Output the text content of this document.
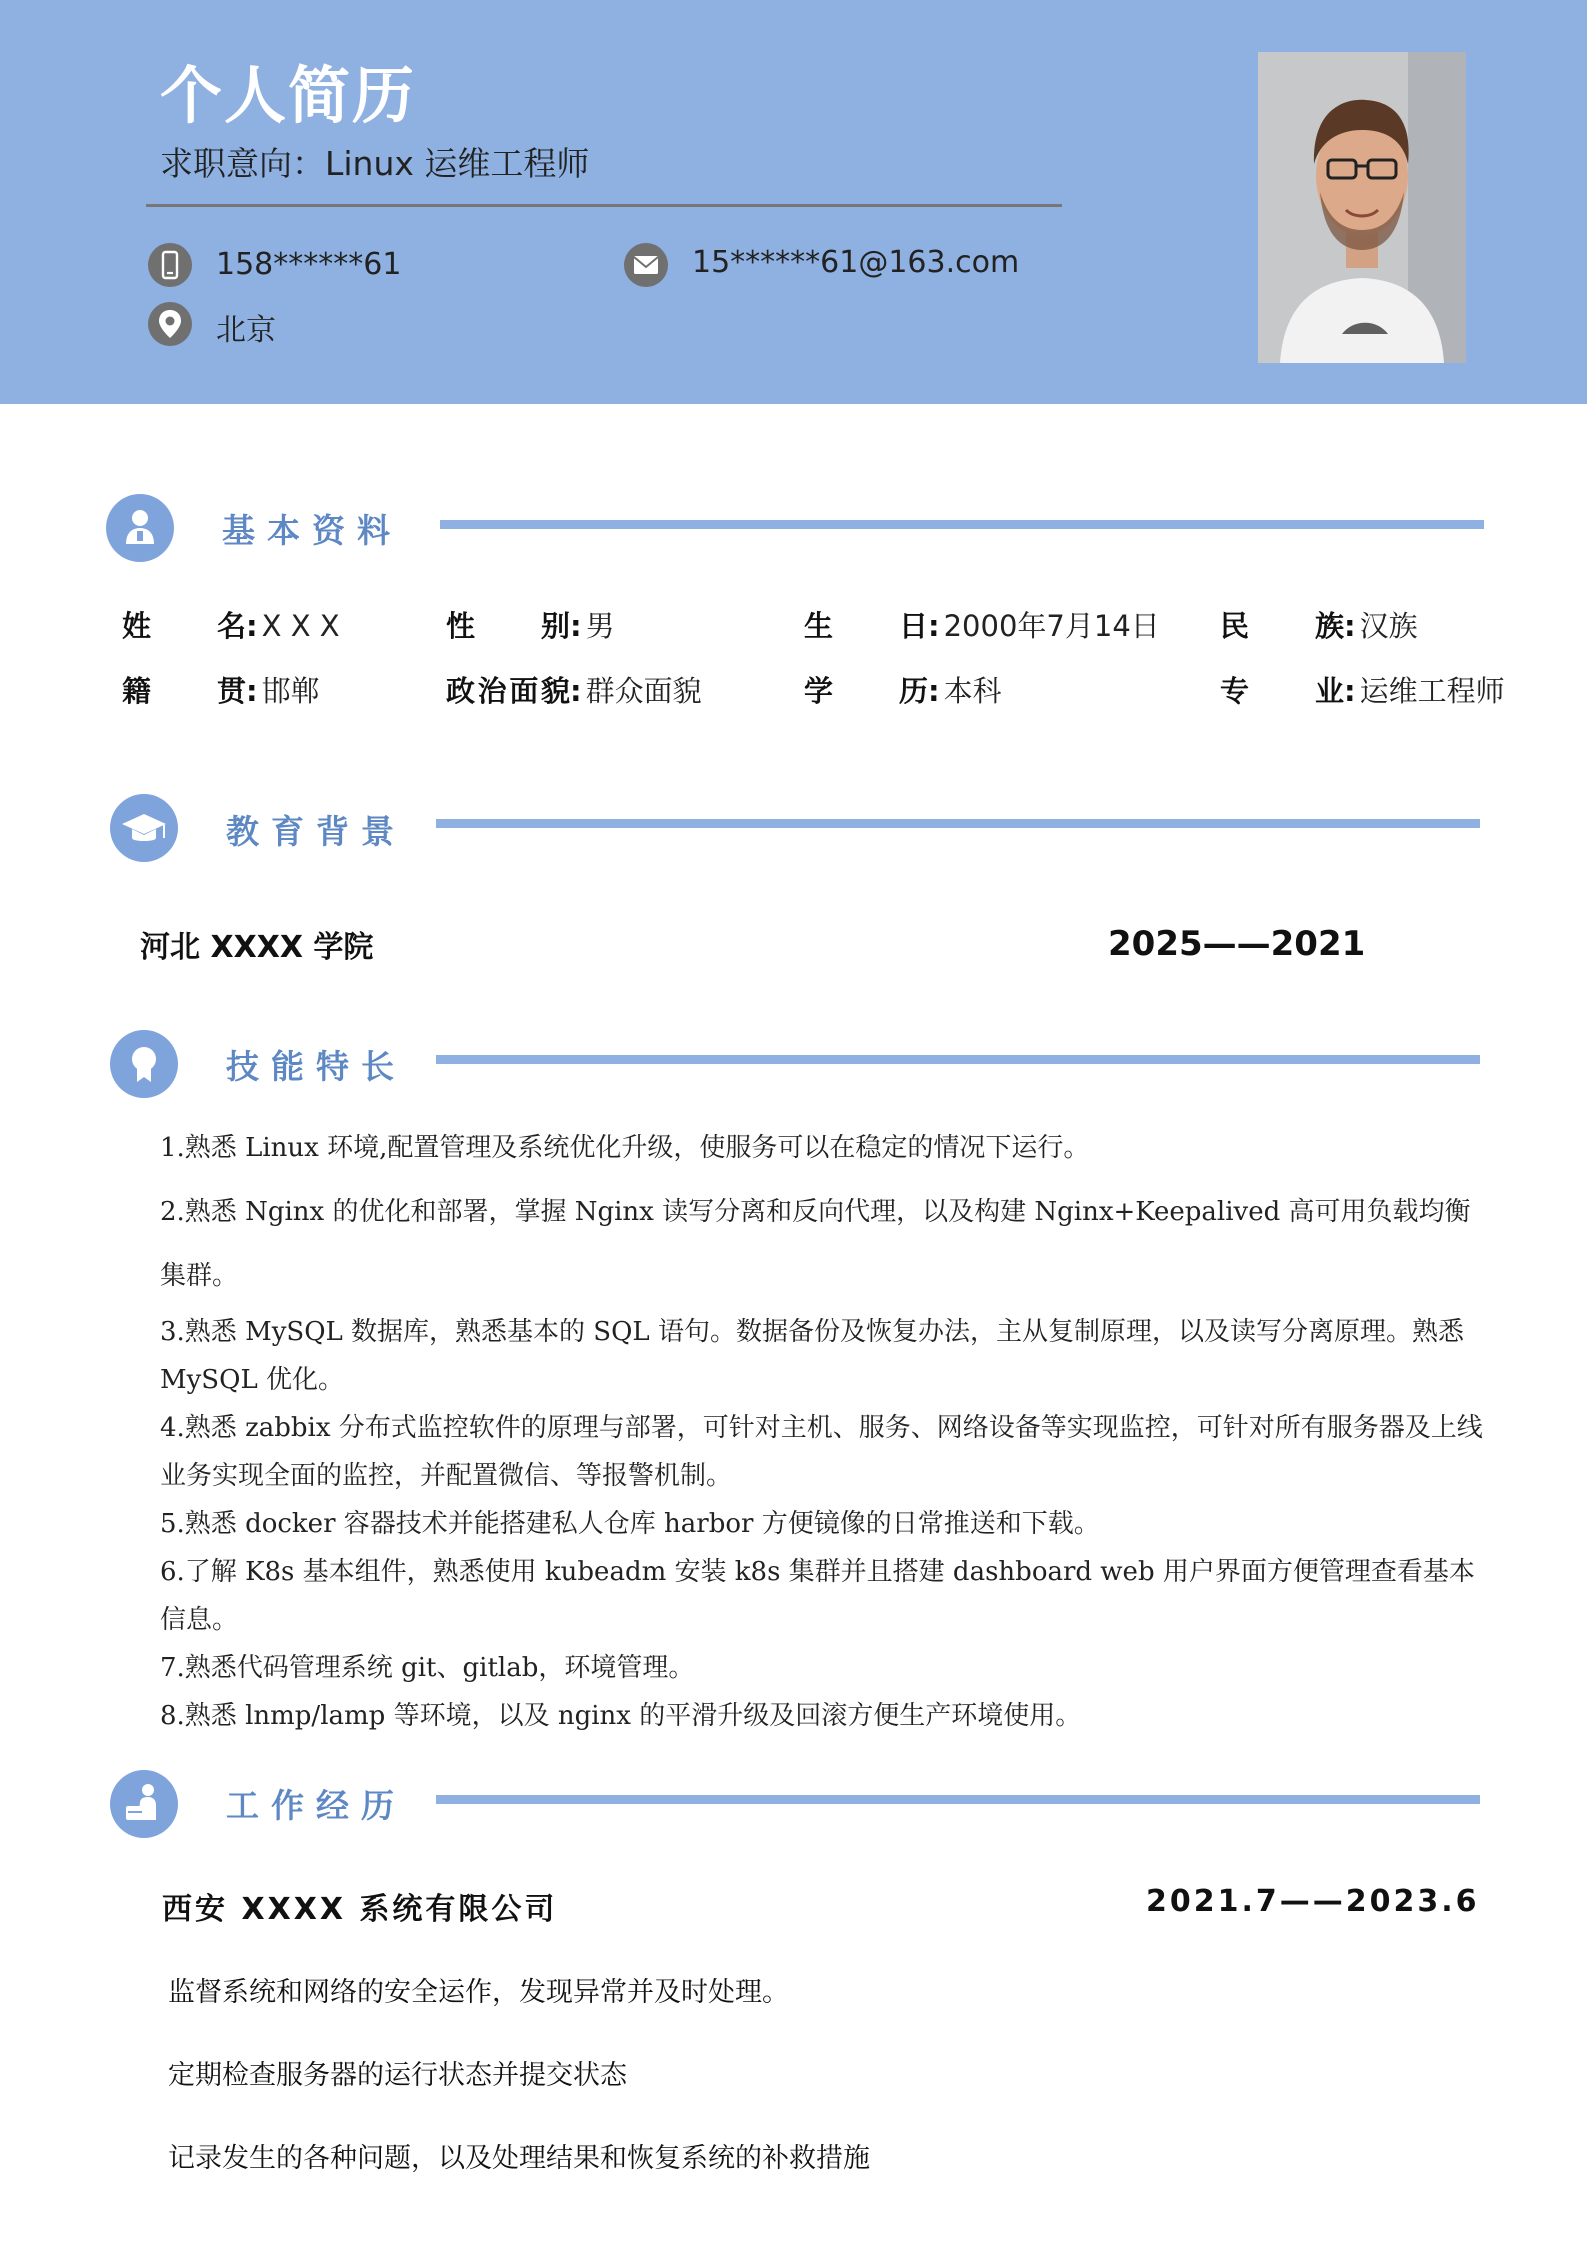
个人简历
求职意向：Linux 运维工程师
158******61	15******61@163.com
北京
基本资料
姓名 : X X X	性别 : 男	生日 : 2000年7月14日 民族 : 汉族
籍贯 : 邯郸	政治面貌 : 群众面貌	学历 : 本科	专业 : 运维工程师
教育背景
河北 XXXX 学院	2025——2021
技能特长

1.熟悉 Linux 环境,配置管理及系统优化升级，使服务可以在稳定的情况下运行。

2.熟悉 Nginx 的优化和部署，掌握 Nginx 读写分离和反向代理，以及构建 Nginx+Keepalived 高可用负载均衡集群。

3.熟悉 MySQL 数据库，熟悉基本的 SQL 语句。数据备份及恢复办法，主从复制原理，以及读写分离原理。熟悉 MySQL 优化。

4.熟悉 zabbix 分布式监控软件的原理与部署，可针对主机、服务、网络设备等实现监控，可针对所有服务器及上线业务实现全面的监控，并配置微信、等报警机制。

5.熟悉 docker 容器技术并能搭建私人仓库 harbor 方便镜像的日常推送和下载。

6.了解 K8s 基本组件，熟悉使用 kubeadm 安装 k8s 集群并且搭建 dashboard web 用户界面方便管理查看基本信息。

7.熟悉代码管理系统 git、gitlab，环境管理。

8.熟悉 lnmp/lamp 等环境，以及 nginx 的平滑升级及回滚方便生产环境使用。

工作经历
西安 XXXX 系统有限公司	2021.7——2023.6
监督系统和网络的安全运作，发现异常并及时处理。
定期检查服务器的运行状态并提交状态
记录发生的各种问题，以及处理结果和恢复系统的补救措施
